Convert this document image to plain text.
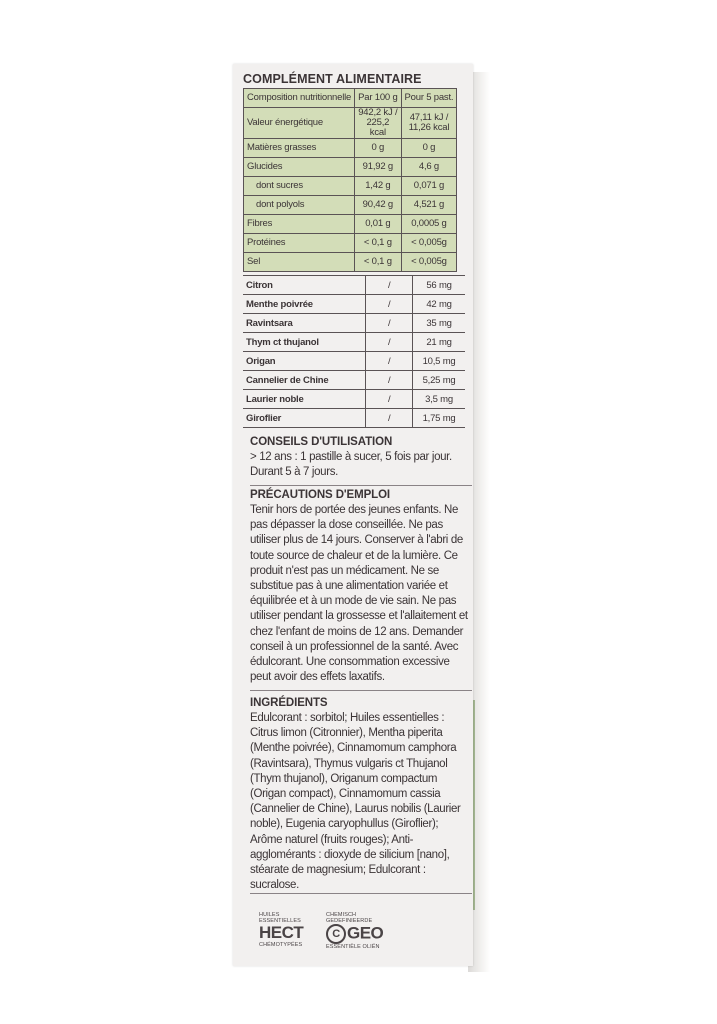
COMPLÉMENT ALIMENTAIRE
Composition nutritionnelle	Par 100 g	Pour 5 past.
Valeur énergétique	942,2 kJ / 225,2 kcal	47,11 kJ / 11,26 kcal
Matières grasses	0 g	0 g
Glucides	91,92 g	4,6 g
dont sucres	1,42 g	0,071 g
dont polyols	90,42 g	4,521 g
Fibres	0,01 g	0,0005 g
Protéines	< 0,1 g	< 0,005g
Sel	< 0,1 g	< 0,005g
Citron	/	56 mg
Menthe poivrée	/	42 mg
Ravintsara	/	35 mg
Thym ct thujanol	/	21 mg
Origan	/	10,5 mg
Cannelier de Chine	/	5,25 mg
Laurier noble	/	3,5 mg
Giroflier	/	1,75 mg
CONSEILS D'UTILISATION
> 12 ans : 1 pastille à sucer, 5 fois par jour. Durant 5 à 7 jours.
PRÉCAUTIONS D'EMPLOI
Tenir hors de portée des jeunes enfants. Ne pas dépasser la dose conseillée. Ne pas utiliser plus de 14 jours. Conserver à l'abri de toute source de chaleur et de la lumière. Ce produit n'est pas un médicament. Ne se substitue pas à une alimentation variée et équilibrée et à un mode de vie sain. Ne pas utiliser pendant la grossesse et l'allaitement et chez l'enfant de moins de 12 ans. Demander conseil à un professionnel de la santé. Avec édulcorant. Une consommation excessive peut avoir des effets laxatifs.
INGRÉDIENTS
Edulcorant : sorbitol; Huiles essentielles : Citrus limon (Citronnier), Mentha piperita (Menthe poivrée), Cinnamomum camphora (Ravintsara), Thymus vulgaris ct Thujanol (Thym thujanol), Origanum compactum (Origan compact), Cinnamomum cassia (Cannelier de Chine), Laurus nobilis (Laurier noble), Eugenia caryophullus (Giroflier); Arôme naturel (fruits rouges); Anti-agglomérants : dioxyde de silicium [nano], stéarate de magnesium; Edulcorant : sucralose.
HUILES ESSENTIELLES
HECT
CHÉMOTYPÉES
CHEMISCH GEDEFINIEERDE
C GEO
ESSENTIËLE OLIËN
